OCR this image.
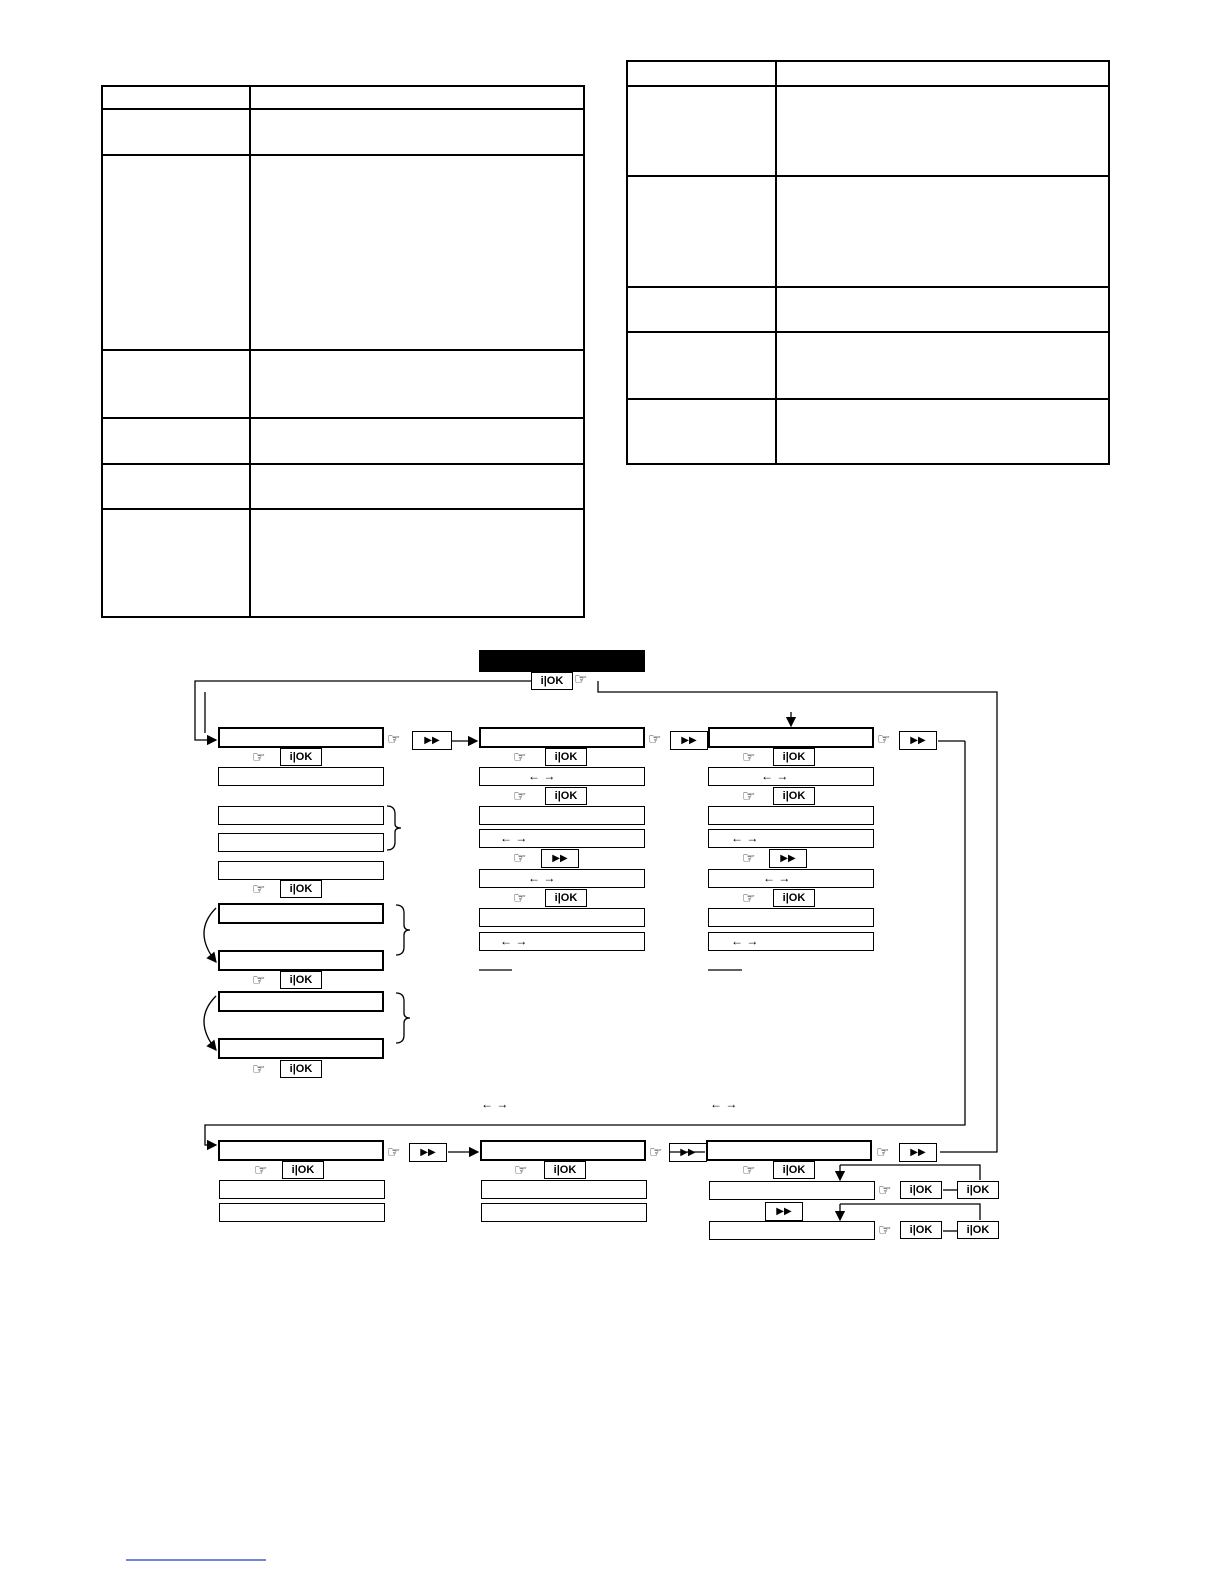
i|OK ☞
☞	▶▶
☞	i|OK
☞	i|OK
☞	i|OK
☞	i|OK
☞	▶▶
☞	i|OK
← →
☞	i|OK
← →
☞	▶▶
← →
☞	i|OK
← →
← →
☞	▶▶
☞	i|OK
← →
☞	i|OK
← →
☞	▶▶
← →
☞	i|OK
← →
← →
☞	▶▶
☞	i|OK
☞	▶▶
☞	i|OK
☞	▶▶
☞	i|OK
☞	i|OK	i|OK
▶▶
☞	i|OK	i|OK
